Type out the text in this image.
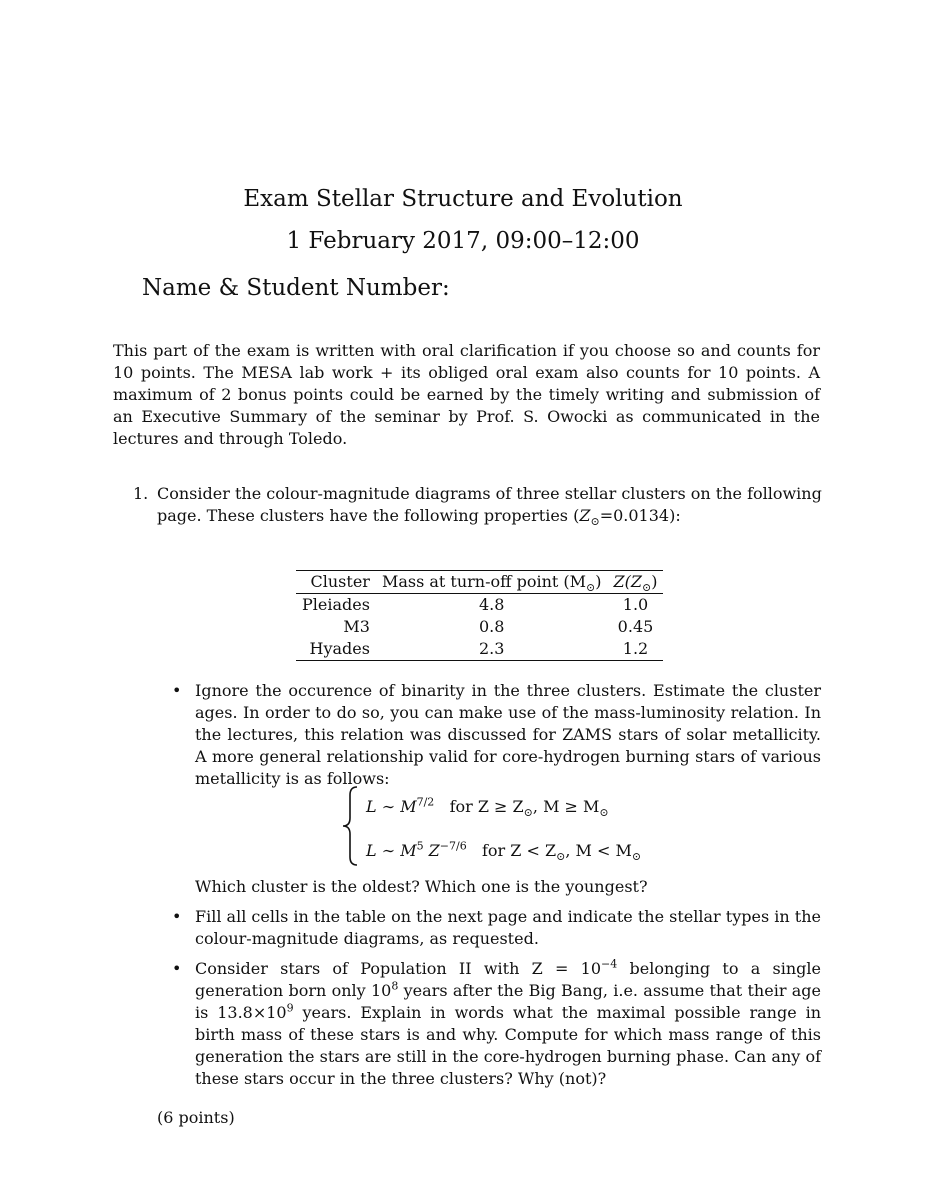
Exam Stellar Structure and Evolution
1 February 2017, 09:00–12:00
Name & Student Number:
This part of the exam is written with oral clarification if you choose so and counts for 10 points. The MESA lab work + its obliged oral exam also counts for 10 points. A maximum of 2 bonus points could be earned by the timely writing and submission of an Executive Summary of the seminar by Prof. S. Owocki as communicated in the lectures and through Toledo.
1. Consider the colour-magnitude diagrams of three stellar clusters on the following page. These clusters have the following properties $(Z_⊙=0.0134)$:
Cluster	Mass at turn-off point $(M_⊙)$	$Z(Z_⊙)$
Pleiades	4.8	1.0
M3	0.8	0.45
Hyades	2.3	1.2
• Ignore the occurence of binarity in the three clusters. Estimate the cluster ages. In order to do so, you can make use of the mass-luminosity relation. In the lectures, this relation was discussed for ZAMS stars of solar metallicity. A more general relationship valid for core-hydrogen burning stars of various metallicity is as follows:
L ∼ $M^{7/2}$ for $Z \ge Z_⊙$, $M \ge M_⊙$
L ∼ $M^5$ $Z^{-7/6}$ for $Z < Z_⊙$, $M < M_⊙$
Which cluster is the oldest? Which one is the youngest?
• Fill all cells in the table on the next page and indicate the stellar types in the colour-magnitude diagrams, as requested.
• Consider stars of Population II with $Z = 10^{-4}$ belonging to a single generation born only $10^8$ years after the Big Bang, i.e. assume that their age is $13.8\times 10^9$ years. Explain in words what the maximal possible range in birth mass of these stars is and why. Compute for which mass range of this generation the stars are still in the core-hydrogen burning phase. Can any of these stars occur in the three clusters? Why (not)?
(6 points)
